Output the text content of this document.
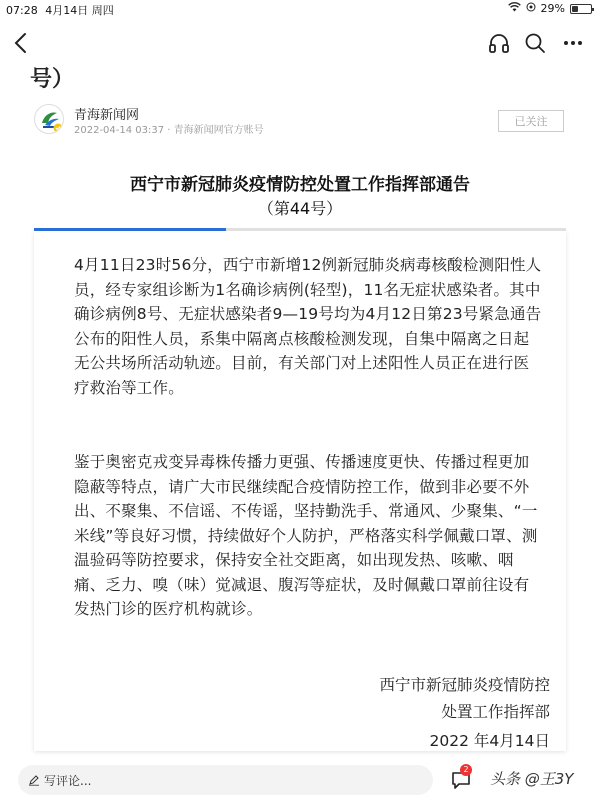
07:28 4月14日 周四	29%
号）
青海新闻网
2022-04-14 03:37 · 青海新闻网官方账号
已关注
西宁市新冠肺炎疫情防控处置工作指挥部通告
（第44号）
4月11日23时56分，西宁市新增12例新冠肺炎病毒核酸检测阳性人员，经专家组诊断为1名确诊病例(轻型)，11名无症状感染者。其中确诊病例8号、无症状感染者9—19号均为4月12日第23号紧急通告公布的阳性人员，系集中隔离点核酸检测发现，自集中隔离之日起无公共场所活动轨迹。目前，有关部门对上述阳性人员正在进行医疗救治等工作。
鉴于奥密克戎变异毒株传播力更强、传播速度更快、传播过程更加隐蔽等特点，请广大市民继续配合疫情防控工作，做到非必要不外出、不聚集、不信谣、不传谣，坚持勤洗手、常通风、少聚集、“一米线”等良好习惯，持续做好个人防护，严格落实科学佩戴口罩、测温验码等防控要求，保持安全社交距离，如出现发热、咳嗽、咽痛、乏力、嗅（味）觉减退、腹泻等症状，及时佩戴口罩前往设有发热门诊的医疗机构就诊。
西宁市新冠肺炎疫情防控
处置工作指挥部
2022 年4月14日
写评论...
2
头条 @王3Y
